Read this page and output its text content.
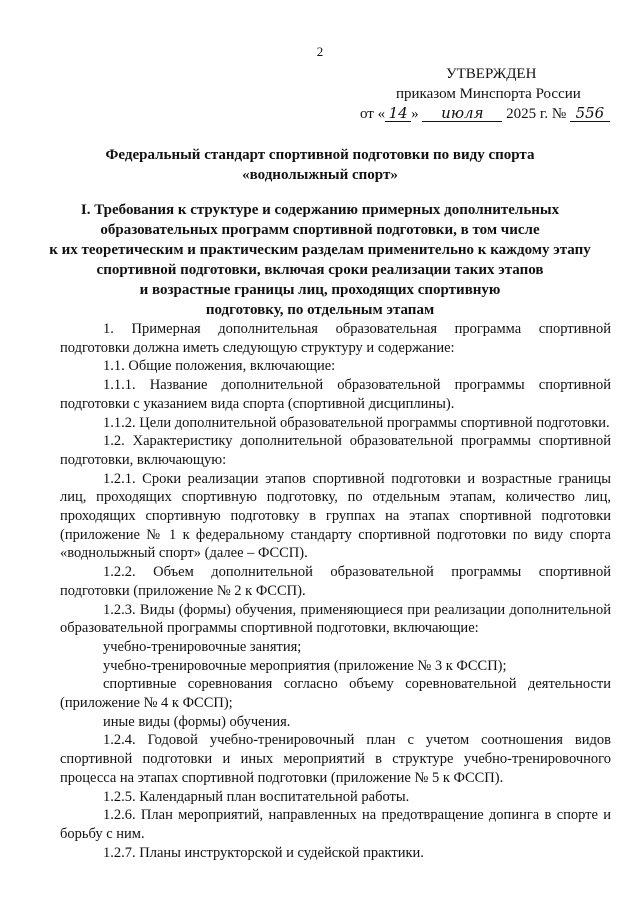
2
УТВЕРЖДЕН
приказом Минспорта России
от « 14 » июля 2025 г. № 556
Федеральный стандарт спортивной подготовки по виду спорта
«воднолыжный спорт»
I. Требования к структуре и содержанию примерных дополнительных
образовательных программ спортивной подготовки, в том числе
к их теоретическим и практическим разделам применительно к каждому этапу
спортивной подготовки, включая сроки реализации таких этапов
и возрастные границы лиц, проходящих спортивную
подготовку, по отдельным этапам

1. Примерная дополнительная образовательная программа спортивной подготовки должна иметь следующую структуру и содержание:

1.1. Общие положения, включающие:

1.1.1. Название дополнительной образовательной программы спортивной подготовки с указанием вида спорта (спортивной дисциплины).

1.1.2. Цели дополнительной образовательной программы спортивной подготовки.

1.2. Характеристику дополнительной образовательной программы спортивной подготовки, включающую:

1.2.1. Сроки реализации этапов спортивной подготовки и возрастные границы лиц, проходящих спортивную подготовку, по отдельным этапам, количество лиц, проходящих спортивную подготовку в группах на этапах спортивной подготовки (приложение № 1 к федеральному стандарту спортивной подготовки по виду спорта «воднолыжный спорт» (далее – ФССП).

1.2.2. Объем дополнительной образовательной программы спортивной подготовки (приложение № 2 к ФССП).

1.2.3. Виды (формы) обучения, применяющиеся при реализации дополнительной образовательной программы спортивной подготовки, включающие:

учебно-тренировочные занятия;

учебно-тренировочные мероприятия (приложение № 3 к ФССП);

спортивные соревнования согласно объему соревновательной деятельности (приложение № 4 к ФССП);

иные виды (формы) обучения.

1.2.4. Годовой учебно-тренировочный план с учетом соотношения видов спортивной подготовки и иных мероприятий в структуре учебно-тренировочного процесса на этапах спортивной подготовки (приложение № 5 к ФССП).

1.2.5. Календарный план воспитательной работы.

1.2.6. План мероприятий, направленных на предотвращение допинга в спорте и борьбу с ним.

1.2.7. Планы инструкторской и судейской практики.
